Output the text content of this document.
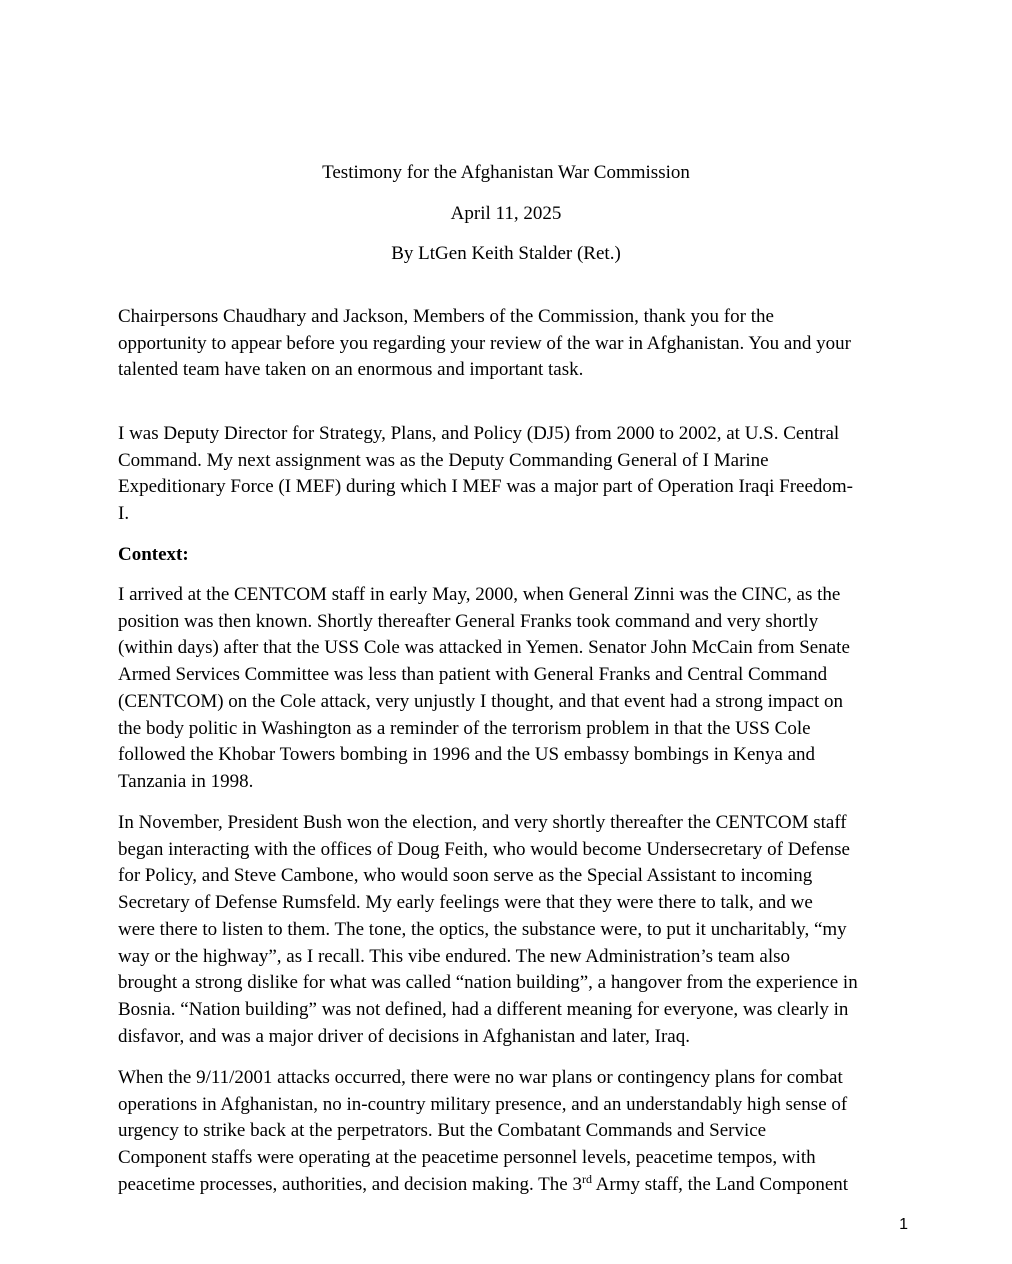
Testimony for the Afghanistan War Commission
April 11, 2025
By LtGen Keith Stalder (Ret.)

Chairpersons Chaudhary and Jackson, Members of the Commission, thank you for the
opportunity to appear before you regarding your review of the war in Afghanistan. You and your
talented team have taken on an enormous and important task.

I was Deputy Director for Strategy, Plans, and Policy (DJ5) from 2000 to 2002, at U.S. Central
Command. My next assignment was as the Deputy Commanding General of I Marine
Expeditionary Force (I MEF) during which I MEF was a major part of Operation Iraqi Freedom-
I.

Context:

I arrived at the CENTCOM staff in early May, 2000, when General Zinni was the CINC, as the
position was then known. Shortly thereafter General Franks took command and very shortly
(within days) after that the USS Cole was attacked in Yemen. Senator John McCain from Senate
Armed Services Committee was less than patient with General Franks and Central Command
(CENTCOM) on the Cole attack, very unjustly I thought, and that event had a strong impact on
the body politic in Washington as a reminder of the terrorism problem in that the USS Cole
followed the Khobar Towers bombing in 1996 and the US embassy bombings in Kenya and
Tanzania in 1998.

In November, President Bush won the election, and very shortly thereafter the CENTCOM staff
began interacting with the offices of Doug Feith, who would become Undersecretary of Defense
for Policy, and Steve Cambone, who would soon serve as the Special Assistant to incoming
Secretary of Defense Rumsfeld. My early feelings were that they were there to talk, and we
were there to listen to them. The tone, the optics, the substance were, to put it uncharitably, “my
way or the highway”, as I recall. This vibe endured. The new Administration’s team also
brought a strong dislike for what was called “nation building”, a hangover from the experience in
Bosnia. “Nation building” was not defined, had a different meaning for everyone, was clearly in
disfavor, and was a major driver of decisions in Afghanistan and later, Iraq.

When the 9/11/2001 attacks occurred, there were no war plans or contingency plans for combat
operations in Afghanistan, no in-country military presence, and an understandably high sense of
urgency to strike back at the perpetrators. But the Combatant Commands and Service
Component staffs were operating at the peacetime personnel levels, peacetime tempos, with
peacetime processes, authorities, and decision making. The 3rd Army staff, the Land Component

1
